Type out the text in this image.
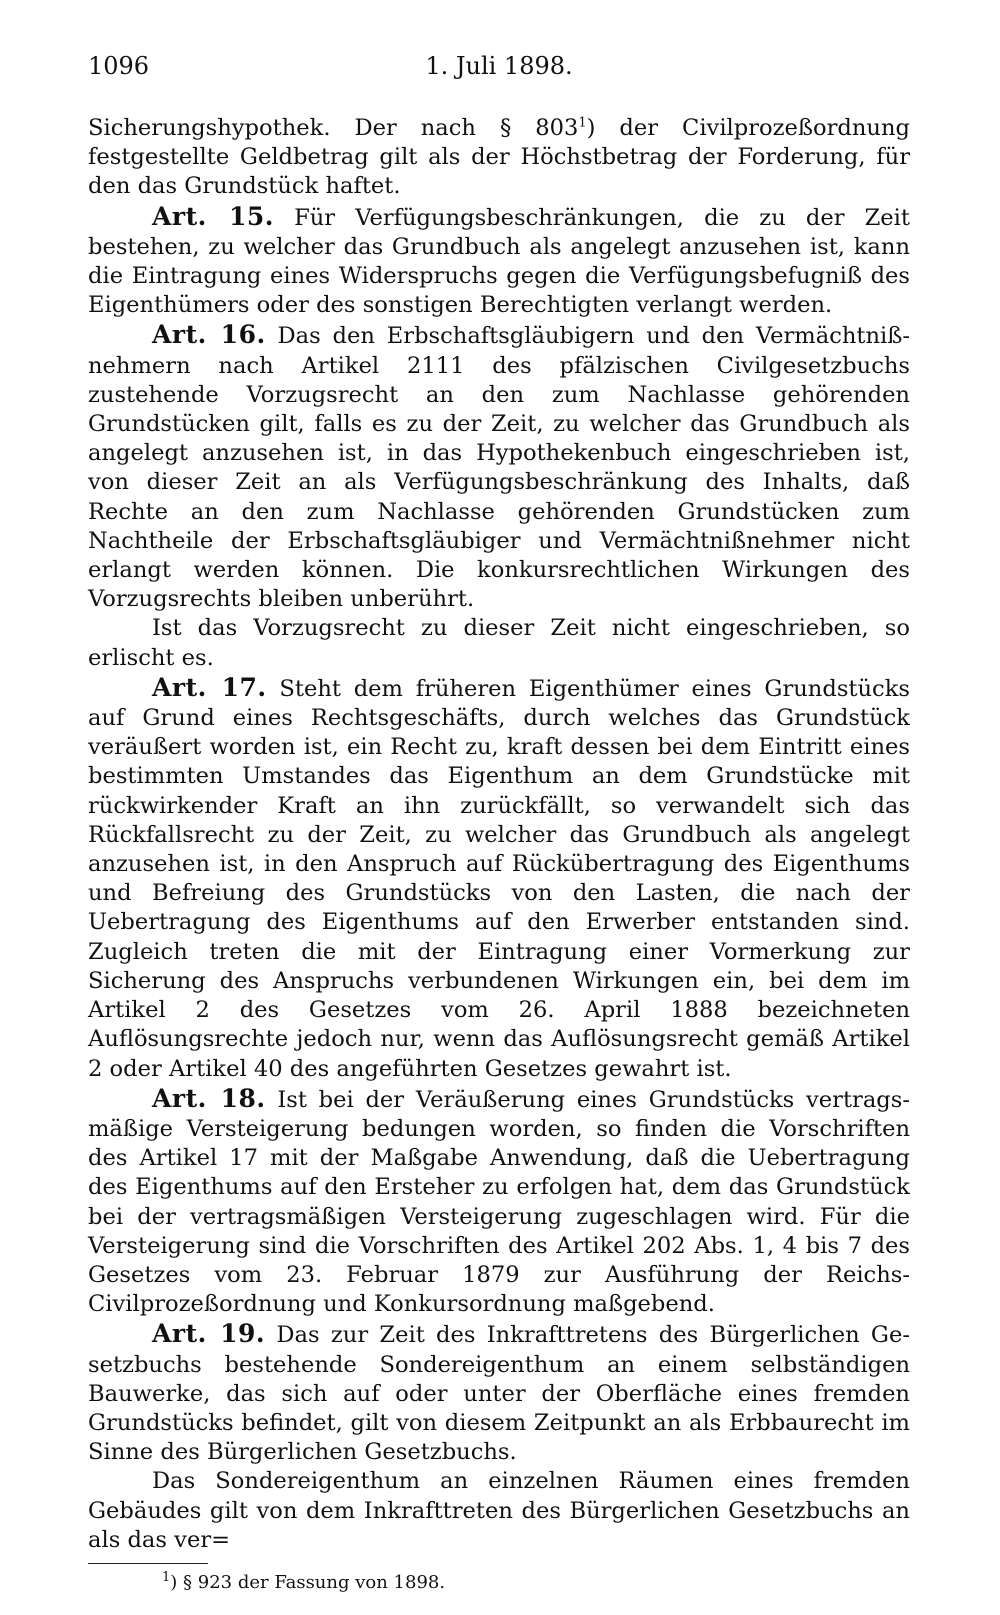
1096	1. Juli 1898.

Sicherungshypothek. Der nach § $803^1$) der Civilprozeßordnung festgestellte Geldbetrag gilt als der Höchstbetrag der Forderung, für den das Grundstück haftet.

Art. 15. Für Verfügungsbeschränkungen, die zu der Zeit bestehen, zu welcher das Grundbuch als angelegt anzusehen ist, kann die Eintragung eines Widerspruchs gegen die Verfügungsbefugniß des Eigenthümers oder des sonstigen Berechtigten verlangt werden.

Art. 16. Das den Erbschaftsgläubigern und den Vermächtnißnehmern nach Artikel 2111 des pfälzischen Civilgesetzbuchs zustehende Vorzugsrecht an den zum Nachlasse gehörenden Grundstücken gilt, falls es zu der Zeit, zu welcher das Grundbuch als angelegt anzusehen ist, in das Hypothekenbuch eingeschrieben ist, von dieser Zeit an als Verfügungsbeschränkung des Inhalts, daß Rechte an den zum Nachlasse gehörenden Grundstücken zum Nachtheile der Erbschaftsgläubiger und Vermächtnißnehmer nicht erlangt werden können. Die konkursrechtlichen Wirkungen des Vorzugsrechts bleiben unberührt.

Ist das Vorzugsrecht zu dieser Zeit nicht eingeschrieben, so erlischt es.

Art. 17. Steht dem früheren Eigenthümer eines Grundstücks auf Grund eines Rechtsgeschäfts, durch welches das Grundstück veräußert worden ist, ein Recht zu, kraft dessen bei dem Eintritt eines bestimmten Umstandes das Eigenthum an dem Grundstücke mit rückwirkender Kraft an ihn zurückfällt, so verwandelt sich das Rückfallsrecht zu der Zeit, zu welcher das Grundbuch als angelegt anzusehen ist, in den Anspruch auf Rückübertragung des Eigenthums und Befreiung des Grundstücks von den Lasten, die nach der Uebertragung des Eigenthums auf den Erwerber entstanden sind. Zugleich treten die mit der Eintragung einer Vormerkung zur Sicherung des Anspruchs verbundenen Wirkungen ein, bei dem im Artikel 2 des Gesetzes vom 26. April 1888 bezeichneten Auflösungsrechte jedoch nur, wenn das Auflösungsrecht gemäß Artikel 2 oder Artikel 40 des angeführten Gesetzes gewahrt ist.

Art. 18. Ist bei der Veräußerung eines Grundstücks vertragsmäßige Versteigerung bedungen worden, so finden die Vorschriften des Artikel 17 mit der Maßgabe Anwendung, daß die Uebertragung des Eigenthums auf den Ersteher zu erfolgen hat, dem das Grundstück bei der vertragsmäßigen Versteigerung zugeschlagen wird. Für die Versteigerung sind die Vorschriften des Artikel 202 Abs. 1, 4 bis 7 des Gesetzes vom 23. Februar 1879 zur Ausführung der Reichs-Civilprozeßordnung und Konkursordnung maßgebend.

Art. 19. Das zur Zeit des Inkrafttretens des Bürgerlichen Gesetzbuchs bestehende Sondereigenthum an einem selbständigen Bauwerke, das sich auf oder unter der Oberfläche eines fremden Grundstücks befindet, gilt von diesem Zeitpunkt an als Erbbaurecht im Sinne des Bürgerlichen Gesetzbuchs.

Das Sondereigenthum an einzelnen Räumen eines fremden Gebäudes gilt von dem Inkrafttreten des Bürgerlichen Gesetzbuchs an als das ver=

$^1$) § 923 der Fassung von 1898.
